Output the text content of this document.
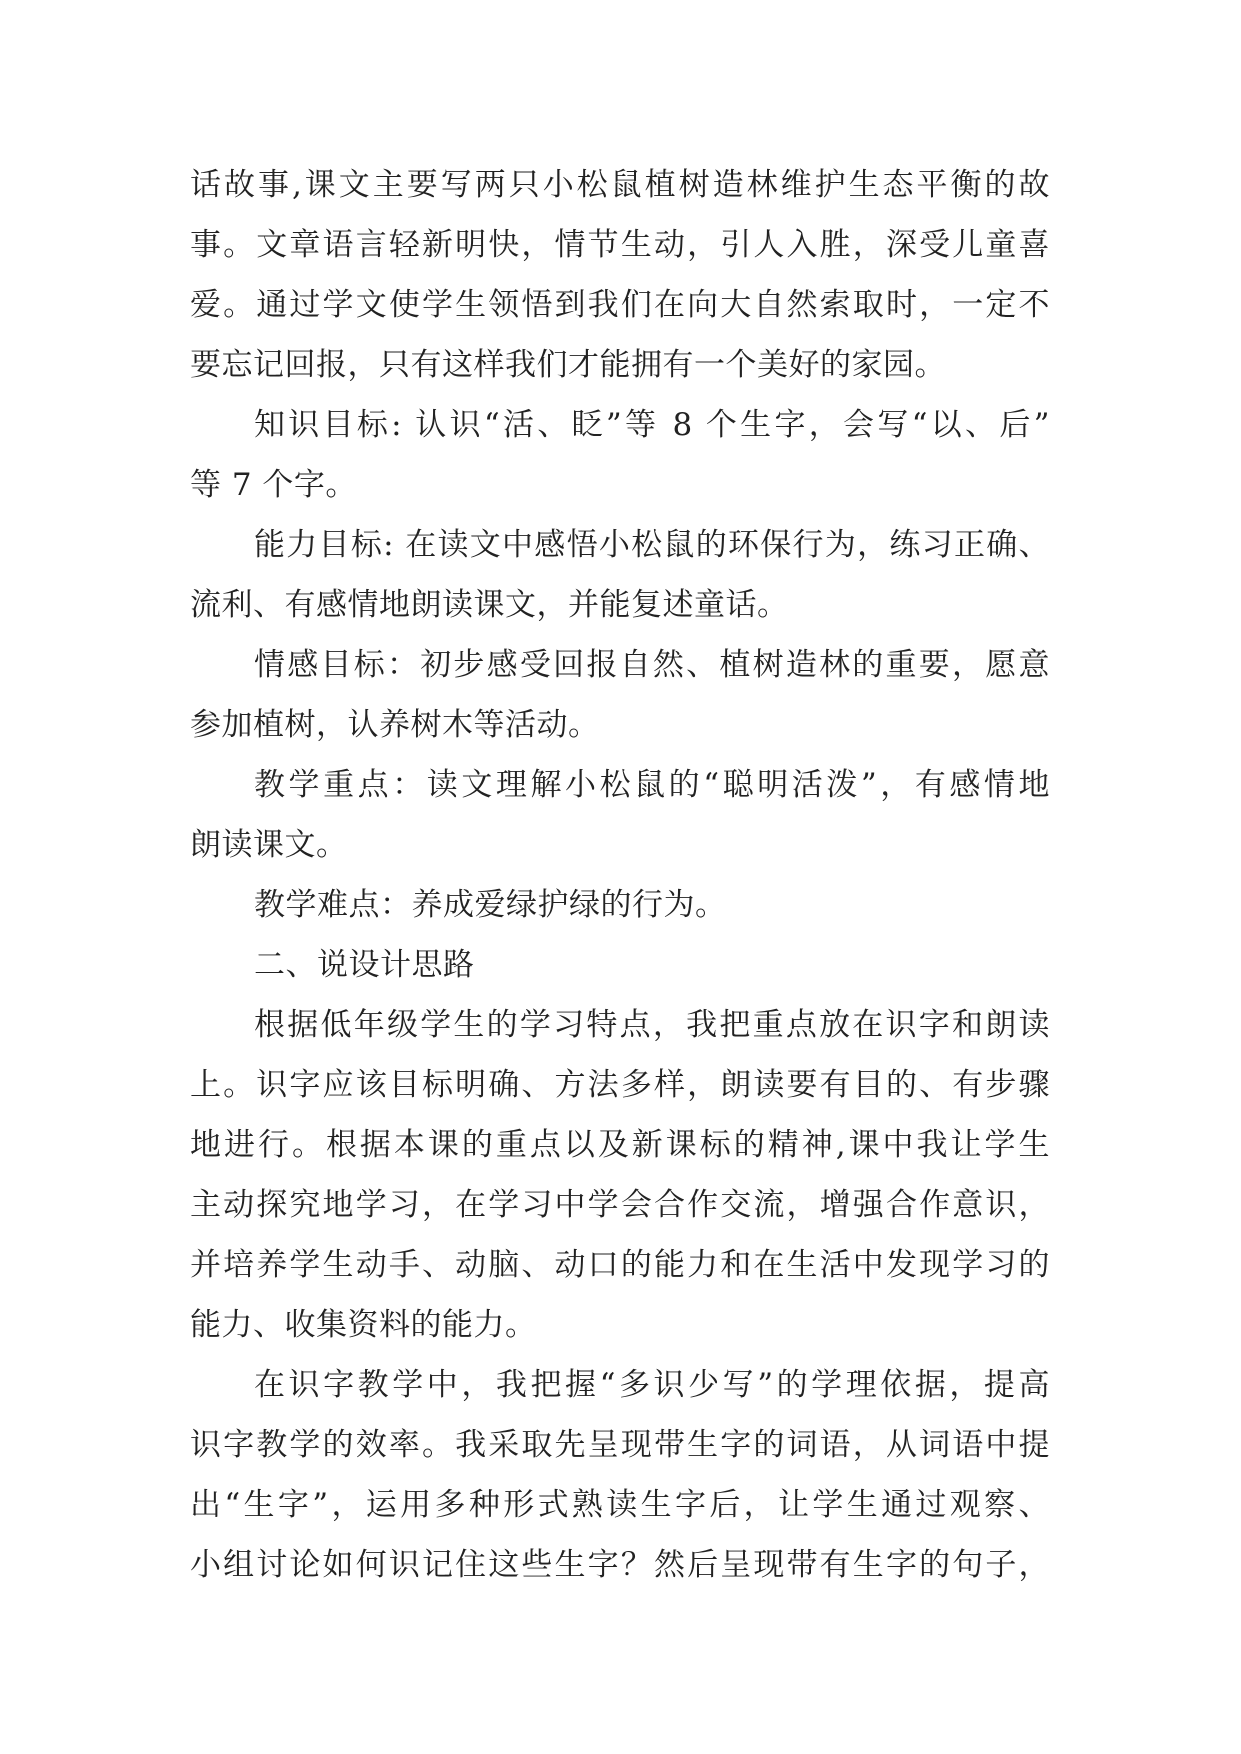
话故事,课文主要写两只小松鼠植树造林维护生态平衡的故
事。文章语言轻新明快，情节生动，引人入胜，深受儿童喜
爱。通过学文使学生领悟到我们在向大自然索取时，一定不
要忘记回报，只有这样我们才能拥有一个美好的家园。
知识目标: 认识“活、眨”等 8 个生字，会写“以、后”
等 7 个字。
能力目标: 在读文中感悟小松鼠的环保行为，练习正确、
流利、有感情地朗读课文，并能复述童话。
情感目标：初步感受回报自然、植树造林的重要，愿意
参加植树，认养树木等活动。
教学重点：读文理解小松鼠的“聪明活泼”，有感情地
朗读课文。
教学难点：养成爱绿护绿的行为。
二、说设计思路
根据低年级学生的学习特点，我把重点放在识字和朗读
上。识字应该目标明确、方法多样，朗读要有目的、有步骤
地进行。根据本课的重点以及新课标的精神,课中我让学生
主动探究地学习，在学习中学会合作交流，增强合作意识，
并培养学生动手、动脑、动口的能力和在生活中发现学习的
能力、收集资料的能力。
在识字教学中，我把握“多识少写”的学理依据，提高
识字教学的效率。我采取先呈现带生字的词语，从词语中提
出“生字”，运用多种形式熟读生字后，让学生通过观察、
小组讨论如何识记住这些生字？然后呈现带有生字的句子，
